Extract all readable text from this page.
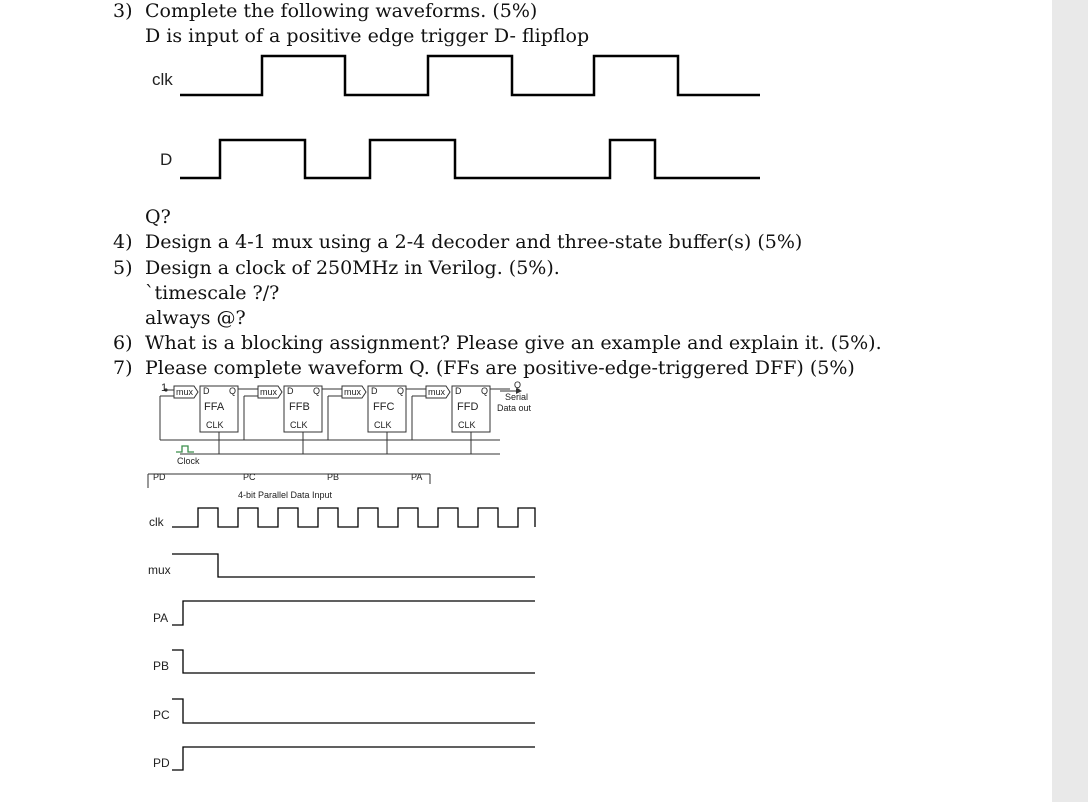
3) Complete the following waveforms. (5%)
D is input of a positive edge trigger D- flipflop
clk
D
Q?
4) Design a 4-1 mux using a 2-4 decoder and three-state buffer(s) (5%)
5) Design a clock of 250MHz in Verilog. (5%).
`timescale ?/?
always @?
6) What is a blocking assignment? Please give an example and explain it. (5%).
7) Please complete waveform Q. (FFs are positive-edge-triggered DFF) (5%)
1 mux	mux	mux	mux
D Q
FFA
CLK
D Q
FFB
CLK
D Q
FFC
CLK
D Q
FFD
CLK
Q
Serial
Data out
Clock
PD	PC	PB	PA
4-bit Parallel Data Input
clk
mux
PA
PB
PC
PD
